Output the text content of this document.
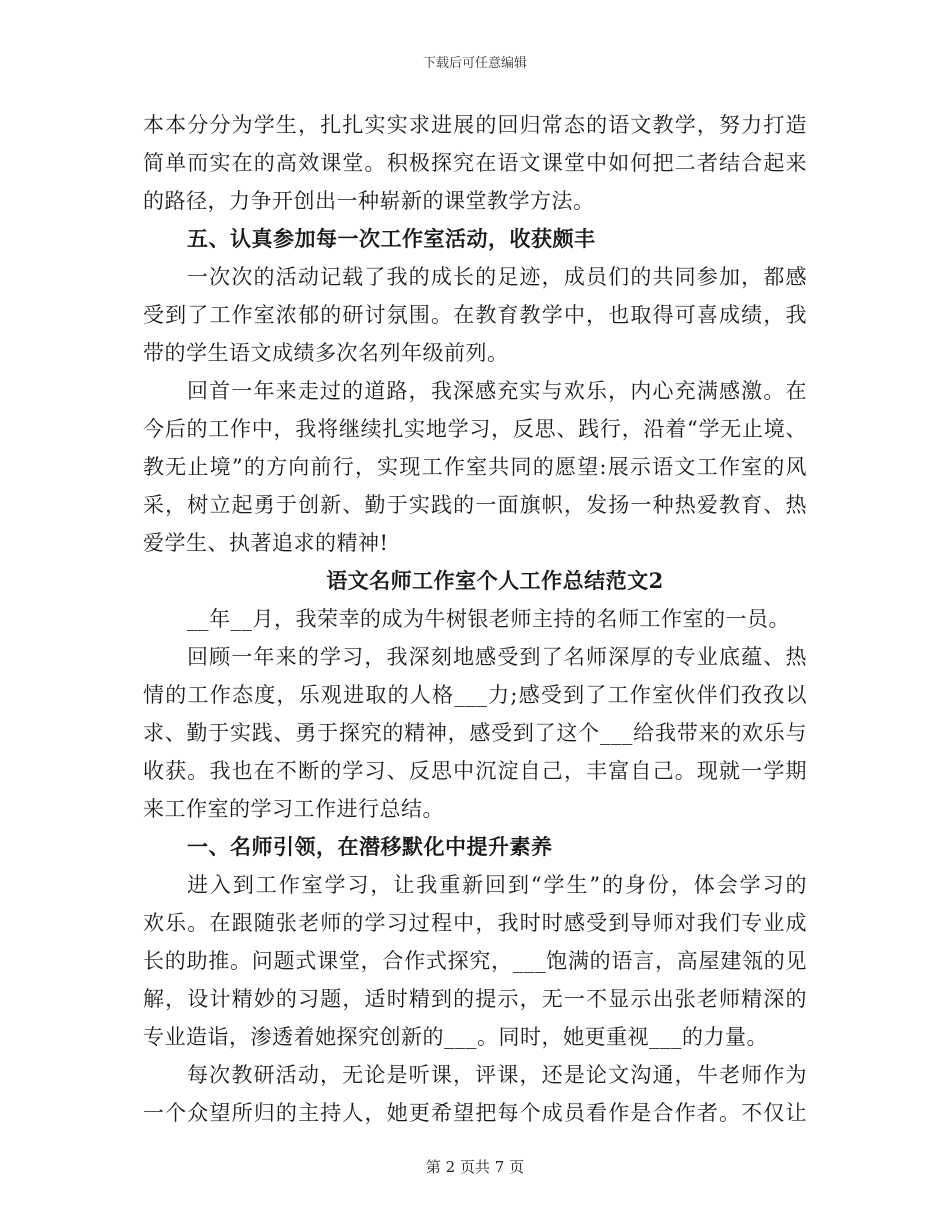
下载后可任意编辑
本本分分为学生，扎扎实实求进展的回归常态的语文教学，努力打造
简单而实在的高效课堂。积极探究在语文课堂中如何把二者结合起来
的路径，力争开创出一种崭新的课堂教学方法。
五、认真参加每一次工作室活动，收获颇丰
一次次的活动记载了我的成长的足迹，成员们的共同参加，都感
受到了工作室浓郁的研讨氛围。在教育教学中，也取得可喜成绩，我
带的学生语文成绩多次名列年级前列。
回首一年来走过的道路，我深感充实与欢乐，内心充满感激。在
今后的工作中，我将继续扎实地学习，反思、践行，沿着“学无止境、
教无止境”的方向前行，实现工作室共同的愿望:展示语文工作室的风
采，树立起勇于创新、勤于实践的一面旗帜，发扬一种热爱教育、热
爱学生、执著追求的精神!
语文名师工作室个人工作总结范文2
__年__月，我荣幸的成为牛树银老师主持的名师工作室的一员。
回顾一年来的学习，我深刻地感受到了名师深厚的专业底蕴、热
情的工作态度，乐观进取的人格___力;感受到了工作室伙伴们孜孜以
求、勤于实践、勇于探究的精神，感受到了这个___给我带来的欢乐与
收获。我也在不断的学习、反思中沉淀自己，丰富自己。现就一学期
来工作室的学习工作进行总结。
一、名师引领，在潜移默化中提升素养
进入到工作室学习，让我重新回到“学生”的身份，体会学习的
欢乐。在跟随张老师的学习过程中，我时时感受到导师对我们专业成
长的助推。问题式课堂，合作式探究，___饱满的语言，高屋建瓴的见
解，设计精妙的习题，适时精到的提示，无一不显示出张老师精深的
专业造诣，渗透着她探究创新的___。同时，她更重视___的力量。
每次教研活动，无论是听课，评课，还是论文沟通，牛老师作为
一个众望所归的主持人，她更希望把每个成员看作是合作者。不仅让
第 2 页共 7 页
